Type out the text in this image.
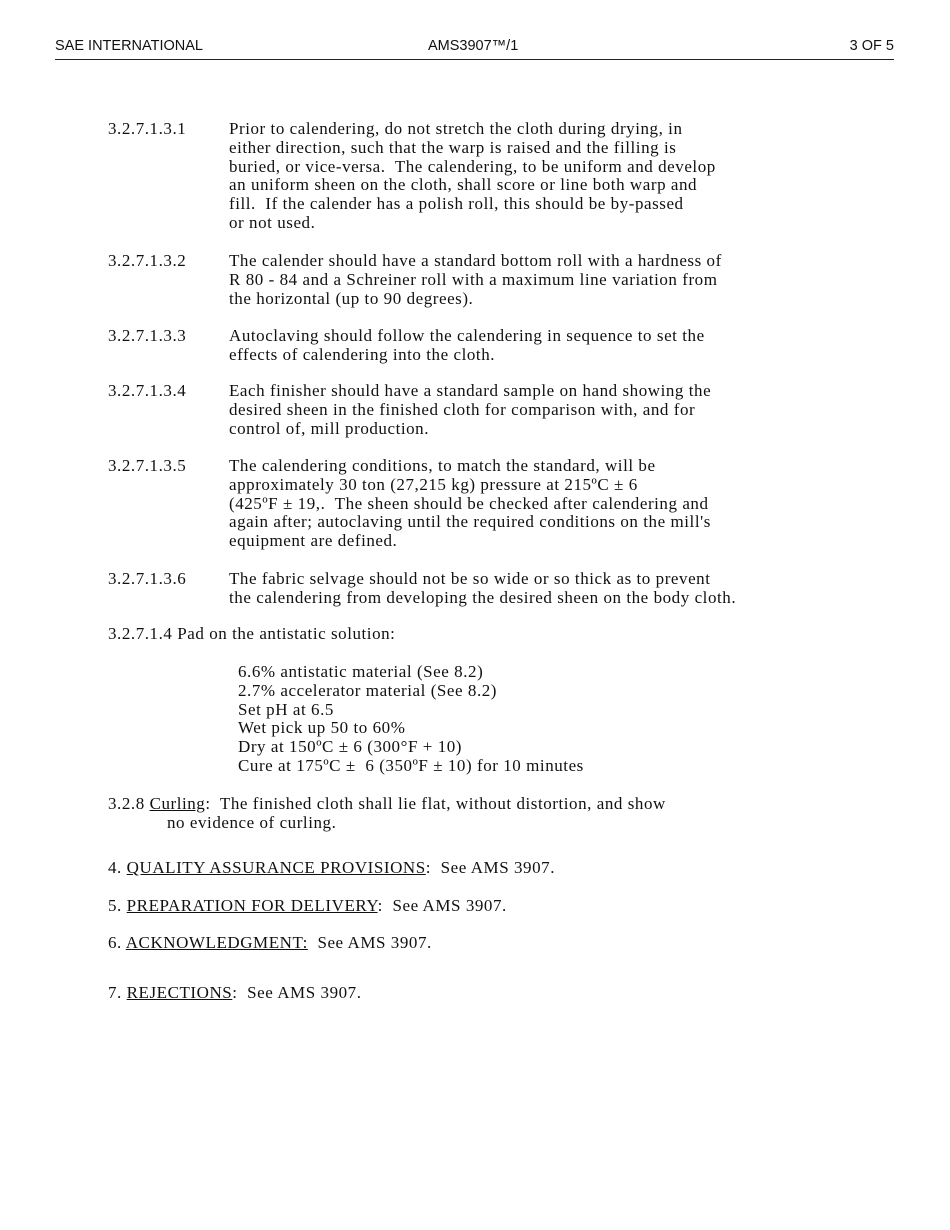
SAE INTERNATIONAL	AMS3907™/1	3 OF 5
3.2.7.1.3.1	Prior to calendering, do not stretch the cloth during drying, in
either direction, such that the warp is raised and the filling is
buried, or vice-versa.  The calendering, to be uniform and develop
an uniform sheen on the cloth, shall score or line both warp and
fill.  If the calender has a polish roll, this should be by-passed
or not used.
3.2.7.1.3.2	The calender should have a standard bottom roll with a hardness of
R 80 - 84 and a Schreiner roll with a maximum line variation from
the horizontal (up to 90 degrees).
3.2.7.1.3.3	Autoclaving should follow the calendering in sequence to set the
effects of calendering into the cloth.
3.2.7.1.3.4	Each finisher should have a standard sample on hand showing the
desired sheen in the finished cloth for comparison with, and for
control of, mill production.
3.2.7.1.3.5	The calendering conditions, to match the standard, will be
approximately 30 ton (27,215 kg) pressure at 215ºC ± 6
(425ºF ± 19,.  The sheen should be checked after calendering and
again after; autoclaving until the required conditions on the mill's
equipment are defined.
3.2.7.1.3.6	The fabric selvage should not be so wide or so thick as to prevent
the calendering from developing the desired sheen on the body cloth.
3.2.7.1.4 Pad on the antistatic solution:
6.6% antistatic material (See 8.2)
2.7% accelerator material (See 8.2)
Set pH at 6.5
Wet pick up 50 to 60%
Dry at 150ºC ± 6 (300°F + 10)
Cure at 175ºC ±  6 (350ºF ± 10) for 10 minutes
3.2.8 Curling:  The finished cloth shall lie flat, without distortion, and show
no evidence of curling.
4. QUALITY ASSURANCE PROVISIONS:  See AMS 3907.
5. PREPARATION FOR DELIVERY:  See AMS 3907.
6. ACKNOWLEDGMENT:  See AMS 3907.
7. REJECTIONS:  See AMS 3907.
